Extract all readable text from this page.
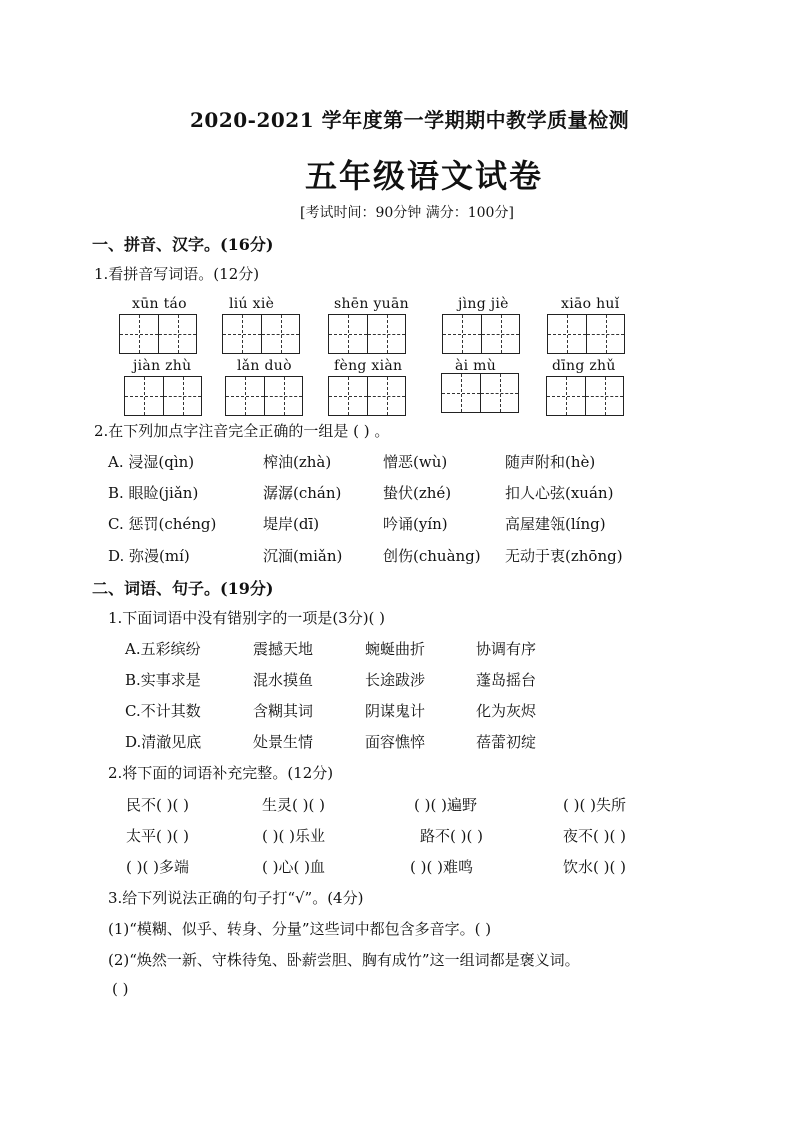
2020-2021 学年度第一学期期中教学质量检测
五年级语文试卷
[考试时间：90分钟 满分：100分]
一、拼音、汉字。(16分)
1.看拼音写词语。(12分)
xūn táo	liú xiè	shēn yuān	jìng jiè	xiāo huǐ
jiàn zhù	lǎn duò	fèng xiàn	ài mù	dīng zhǔ
2.在下列加点字注音完全正确的一组是 ( ) 。
A. 浸湿(qìn)	榨油(zhà)	憎恶(wù)	随声附和(hè)
B. 眼睑(jiǎn)	潺潺(chán)	蛰伏(zhé)	扣人心弦(xuán)
C. 惩罚(chéng)	堤岸(dī)	吟诵(yín)	高屋建瓴(líng)
D. 弥漫(mí)	沉湎(miǎn)	创伤(chuàng) 无动于衷(zhōng)
二、词语、句子。(19分)
1.下面词语中没有错别字的一项是(3分)( )
A.五彩缤纷	震撼天地	蜿蜒曲折	协调有序
B.实事求是	混水摸鱼	长途跋涉	蓬岛摇台
C.不计其数	含糊其词	阴谋鬼计	化为灰烬
D.清澈见底	处景生情	面容憔悴	蓓蕾初绽
2.将下面的词语补充完整。(12分)
民不( )( )	生灵( )( )	( )( )遍野	( )( )失所
太平( )( )	( )( )乐业	路不( )( )	夜不( )( )
( )( )多端	( )心( )血	( )( )难鸣	饮水( )( )
3.给下列说法正确的句子打“√”。(4分)
(1)“模糊、似乎、转身、分量”这些词中都包含多音字。( )
(2)“焕然一新、守株待兔、卧薪尝胆、胸有成竹”这一组词都是褒义词。
( )
